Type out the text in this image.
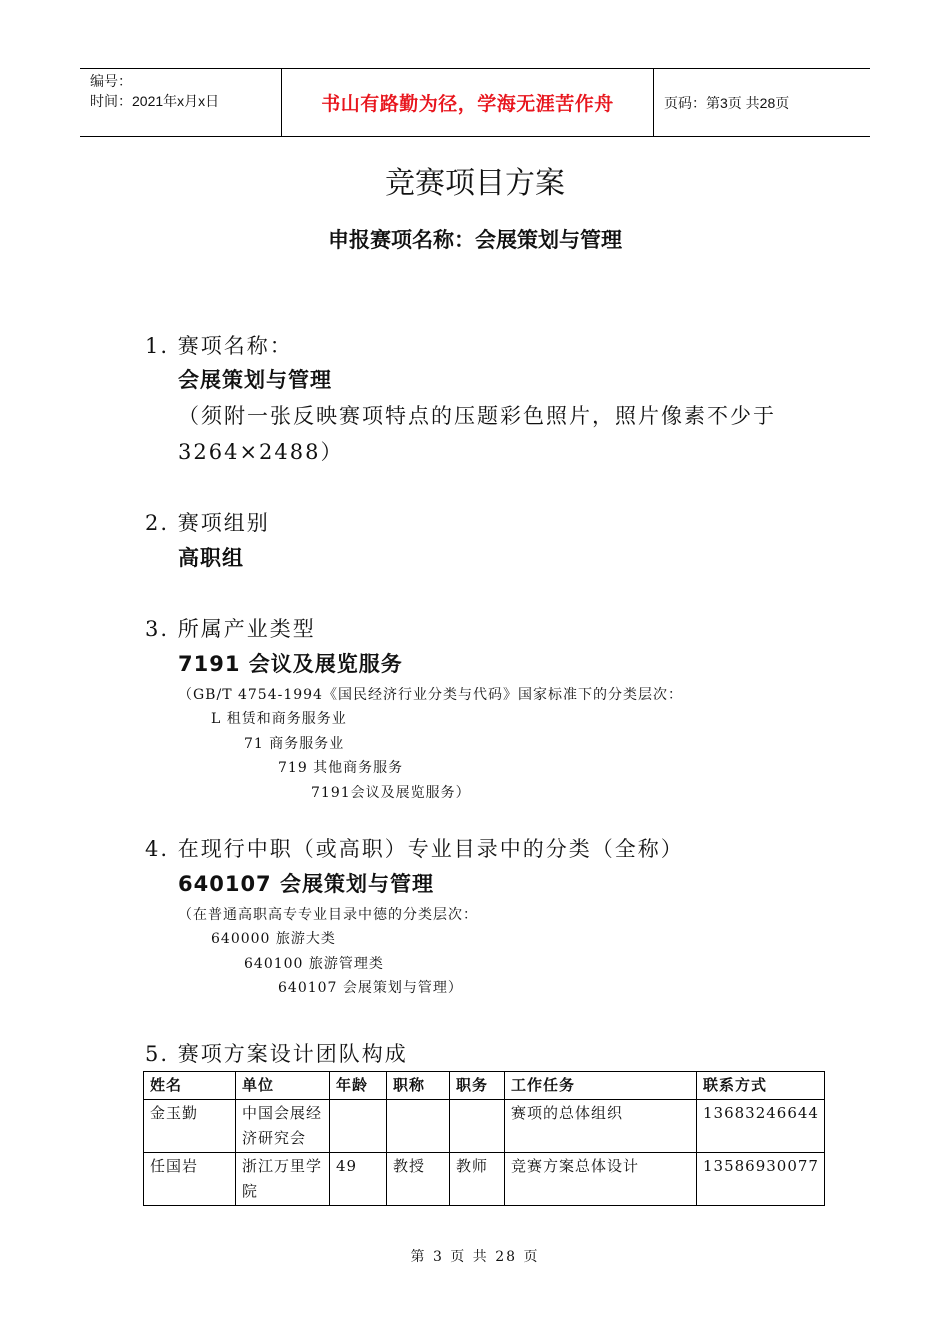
编号：
时间：2021年x月x日	书山有路勤为径，学海无涯苦作舟	页码：第3页 共28页
竞赛项目方案
申报赛项名称：会展策划与管理
1. 赛项名称：
会展策划与管理
（须附一张反映赛项特点的压题彩色照片，照片像素不少于
3264×2488）
2. 赛项组别
高职组
3. 所属产业类型
7191 会议及展览服务
（GB/T 4754-1994《国民经济行业分类与代码》国家标准下的分类层次：
L 租赁和商务服务业
71 商务服务业
719 其他商务服务
7191会议及展览服务）
4. 在现行中职（或高职）专业目录中的分类（全称）
640107 会展策划与管理
（在普通高职高专专业目录中德的分类层次：
640000 旅游大类
640100 旅游管理类
640107 会展策划与管理）
5. 赛项方案设计团队构成
姓名	单位	年龄	职称	职务	工作任务	联系方式
金玉勤	中国会展经济研究会				赛项的总体组织	13683246644
任国岩	浙江万里学院	49	教授	教师	竞赛方案总体设计	13586930077
第 3 页 共 28 页
